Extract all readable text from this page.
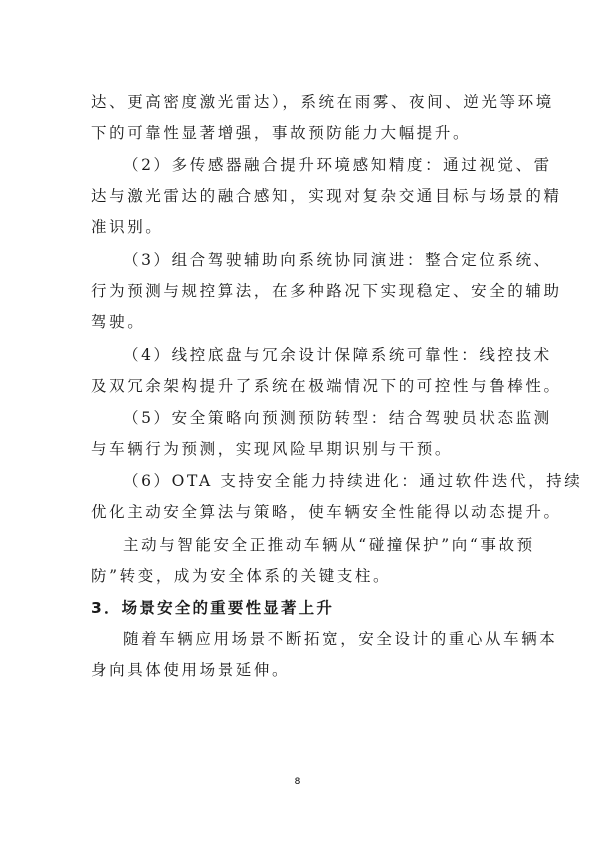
达、更高密度激光雷达），系统在雨雾、夜间、逆光等环境
下的可靠性显著增强，事故预防能力大幅提升。
（2）多传感器融合提升环境感知精度：通过视觉、雷
达与激光雷达的融合感知，实现对复杂交通目标与场景的精
准识别。
（3）组合驾驶辅助向系统协同演进：整合定位系统、
行为预测与规控算法，在多种路况下实现稳定、安全的辅助
驾驶。
（4）线控底盘与冗余设计保障系统可靠性：线控技术
及双冗余架构提升了系统在极端情况下的可控性与鲁棒性。
（5）安全策略向预测预防转型：结合驾驶员状态监测
与车辆行为预测，实现风险早期识别与干预。
（6）OTA 支持安全能力持续进化：通过软件迭代，持续
优化主动安全算法与策略，使车辆安全性能得以动态提升。
主动与智能安全正推动车辆从“碰撞保护”向“事故预
防”转变，成为安全体系的关键支柱。
3．场景安全的重要性显著上升
随着车辆应用场景不断拓宽，安全设计的重心从车辆本
身向具体使用场景延伸。
8
